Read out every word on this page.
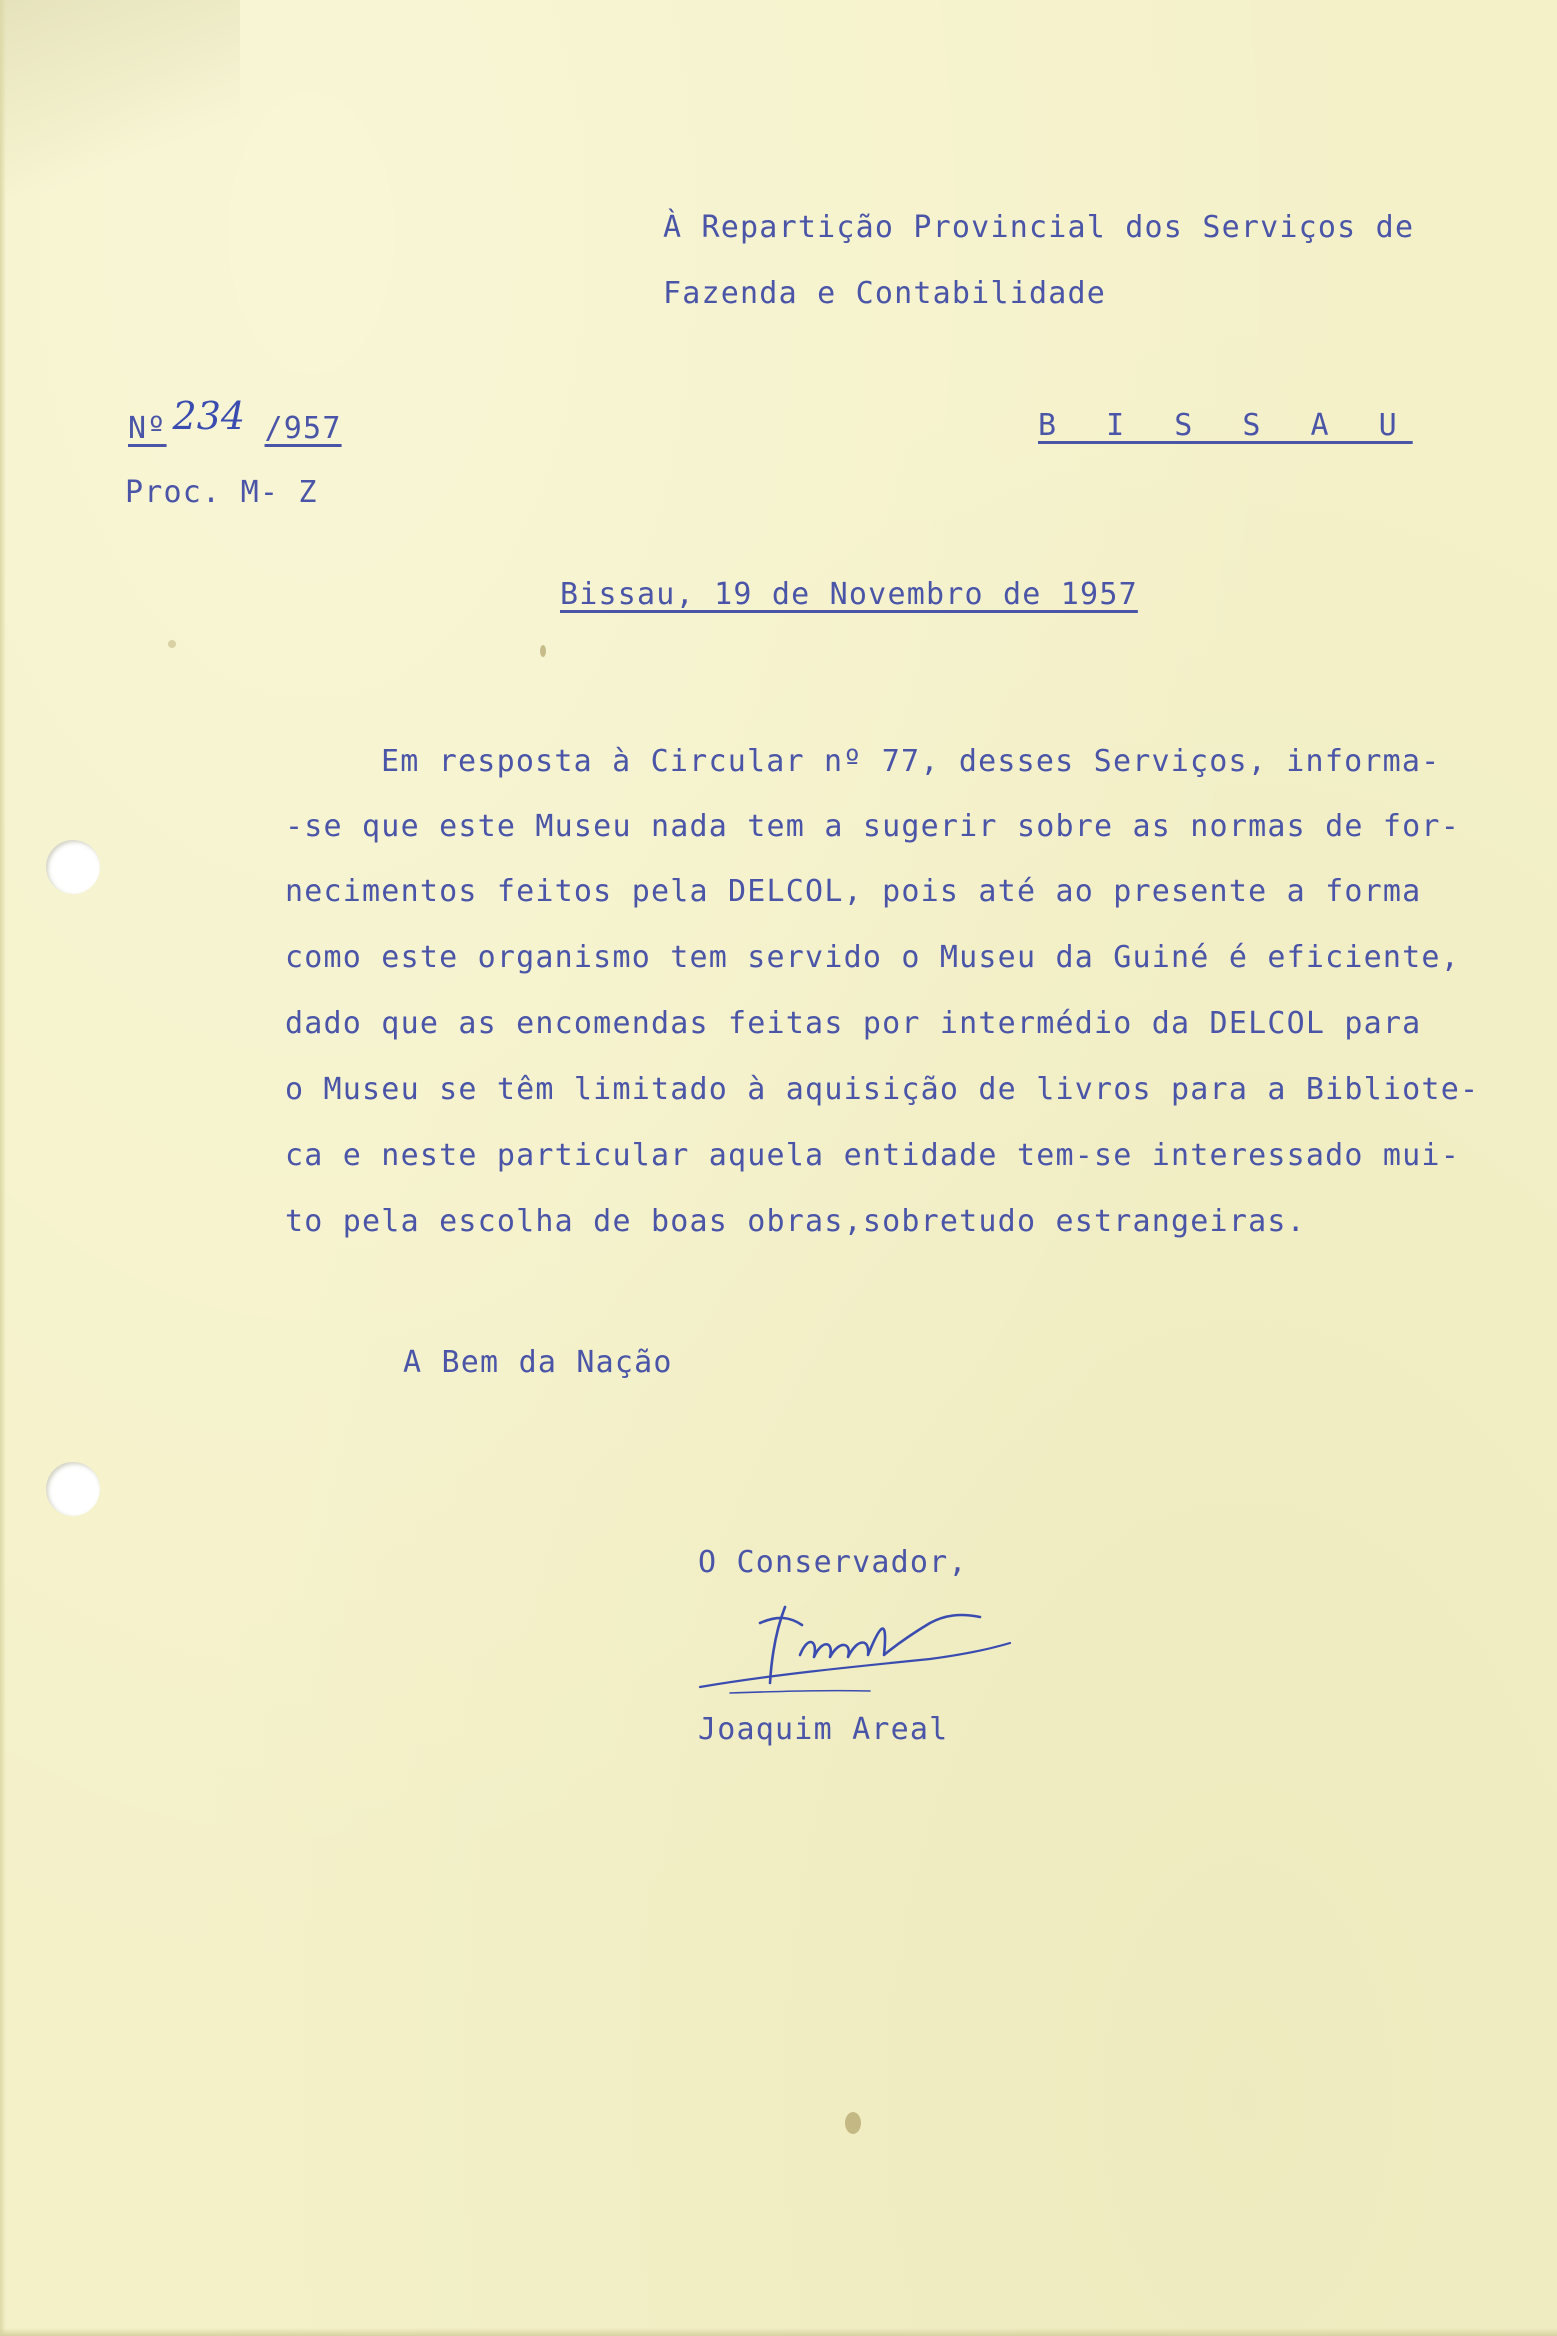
À Repartição Provincial dos Serviços de
Fazenda e Contabilidade
Nº 234 /957	B I S S A U
Proc. M- Z
Bissau, 19 de Novembro de 1957
Em resposta à Circular nº 77, desses Serviços, informa-
-se que este Museu nada tem a sugerir sobre as normas de for-
necimentos feitos pela DELCOL, pois até ao presente a forma
como este organismo tem servido o Museu da Guiné é eficiente,
dado que as encomendas feitas por intermédio da DELCOL para
o Museu se têm limitado à aquisição de livros para a Bibliote-
ca e neste particular aquela entidade tem-se interessado mui-
to pela escolha de boas obras,sobretudo estrangeiras.
A Bem da Nação
O Conservador,
Joaquim Areal
